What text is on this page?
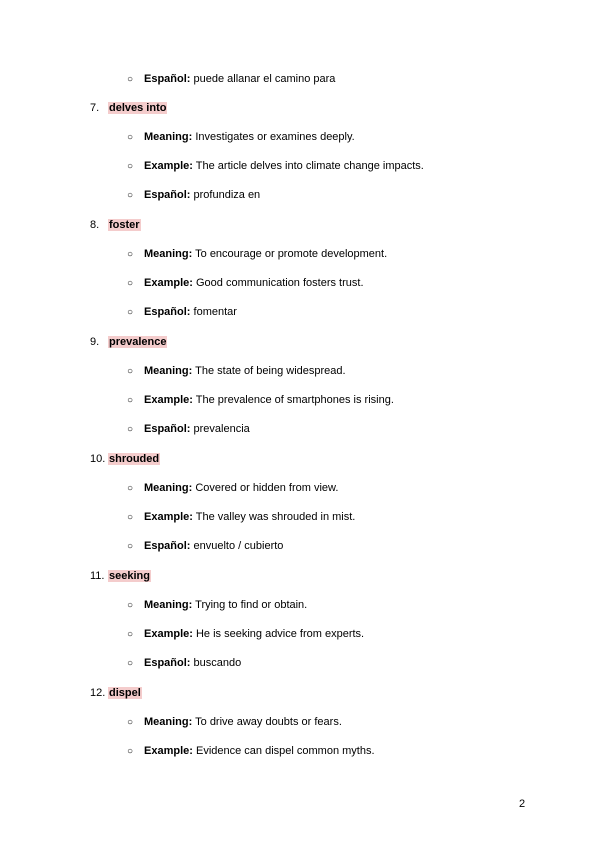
○ Español: puede allanar el camino para
2
7. delves into
○ Meaning: Investigates or examines deeply.
○ Example: The article delves into climate change impacts.
○ Español: profundiza en
8. foster
○ Meaning: To encourage or promote development.
○ Example: Good communication fosters trust.
○ Español: fomentar
9. prevalence
○ Meaning: The state of being widespread.
○ Example: The prevalence of smartphones is rising.
○ Español: prevalencia
10. shrouded
○ Meaning: Covered or hidden from view.
○ Example: The valley was shrouded in mist.
○ Español: envuelto / cubierto
11. seeking
○ Meaning: Trying to find or obtain.
○ Example: He is seeking advice from experts.
○ Español: buscando
12. dispel
○ Meaning: To drive away doubts or fears.
○ Example: Evidence can dispel common myths.
